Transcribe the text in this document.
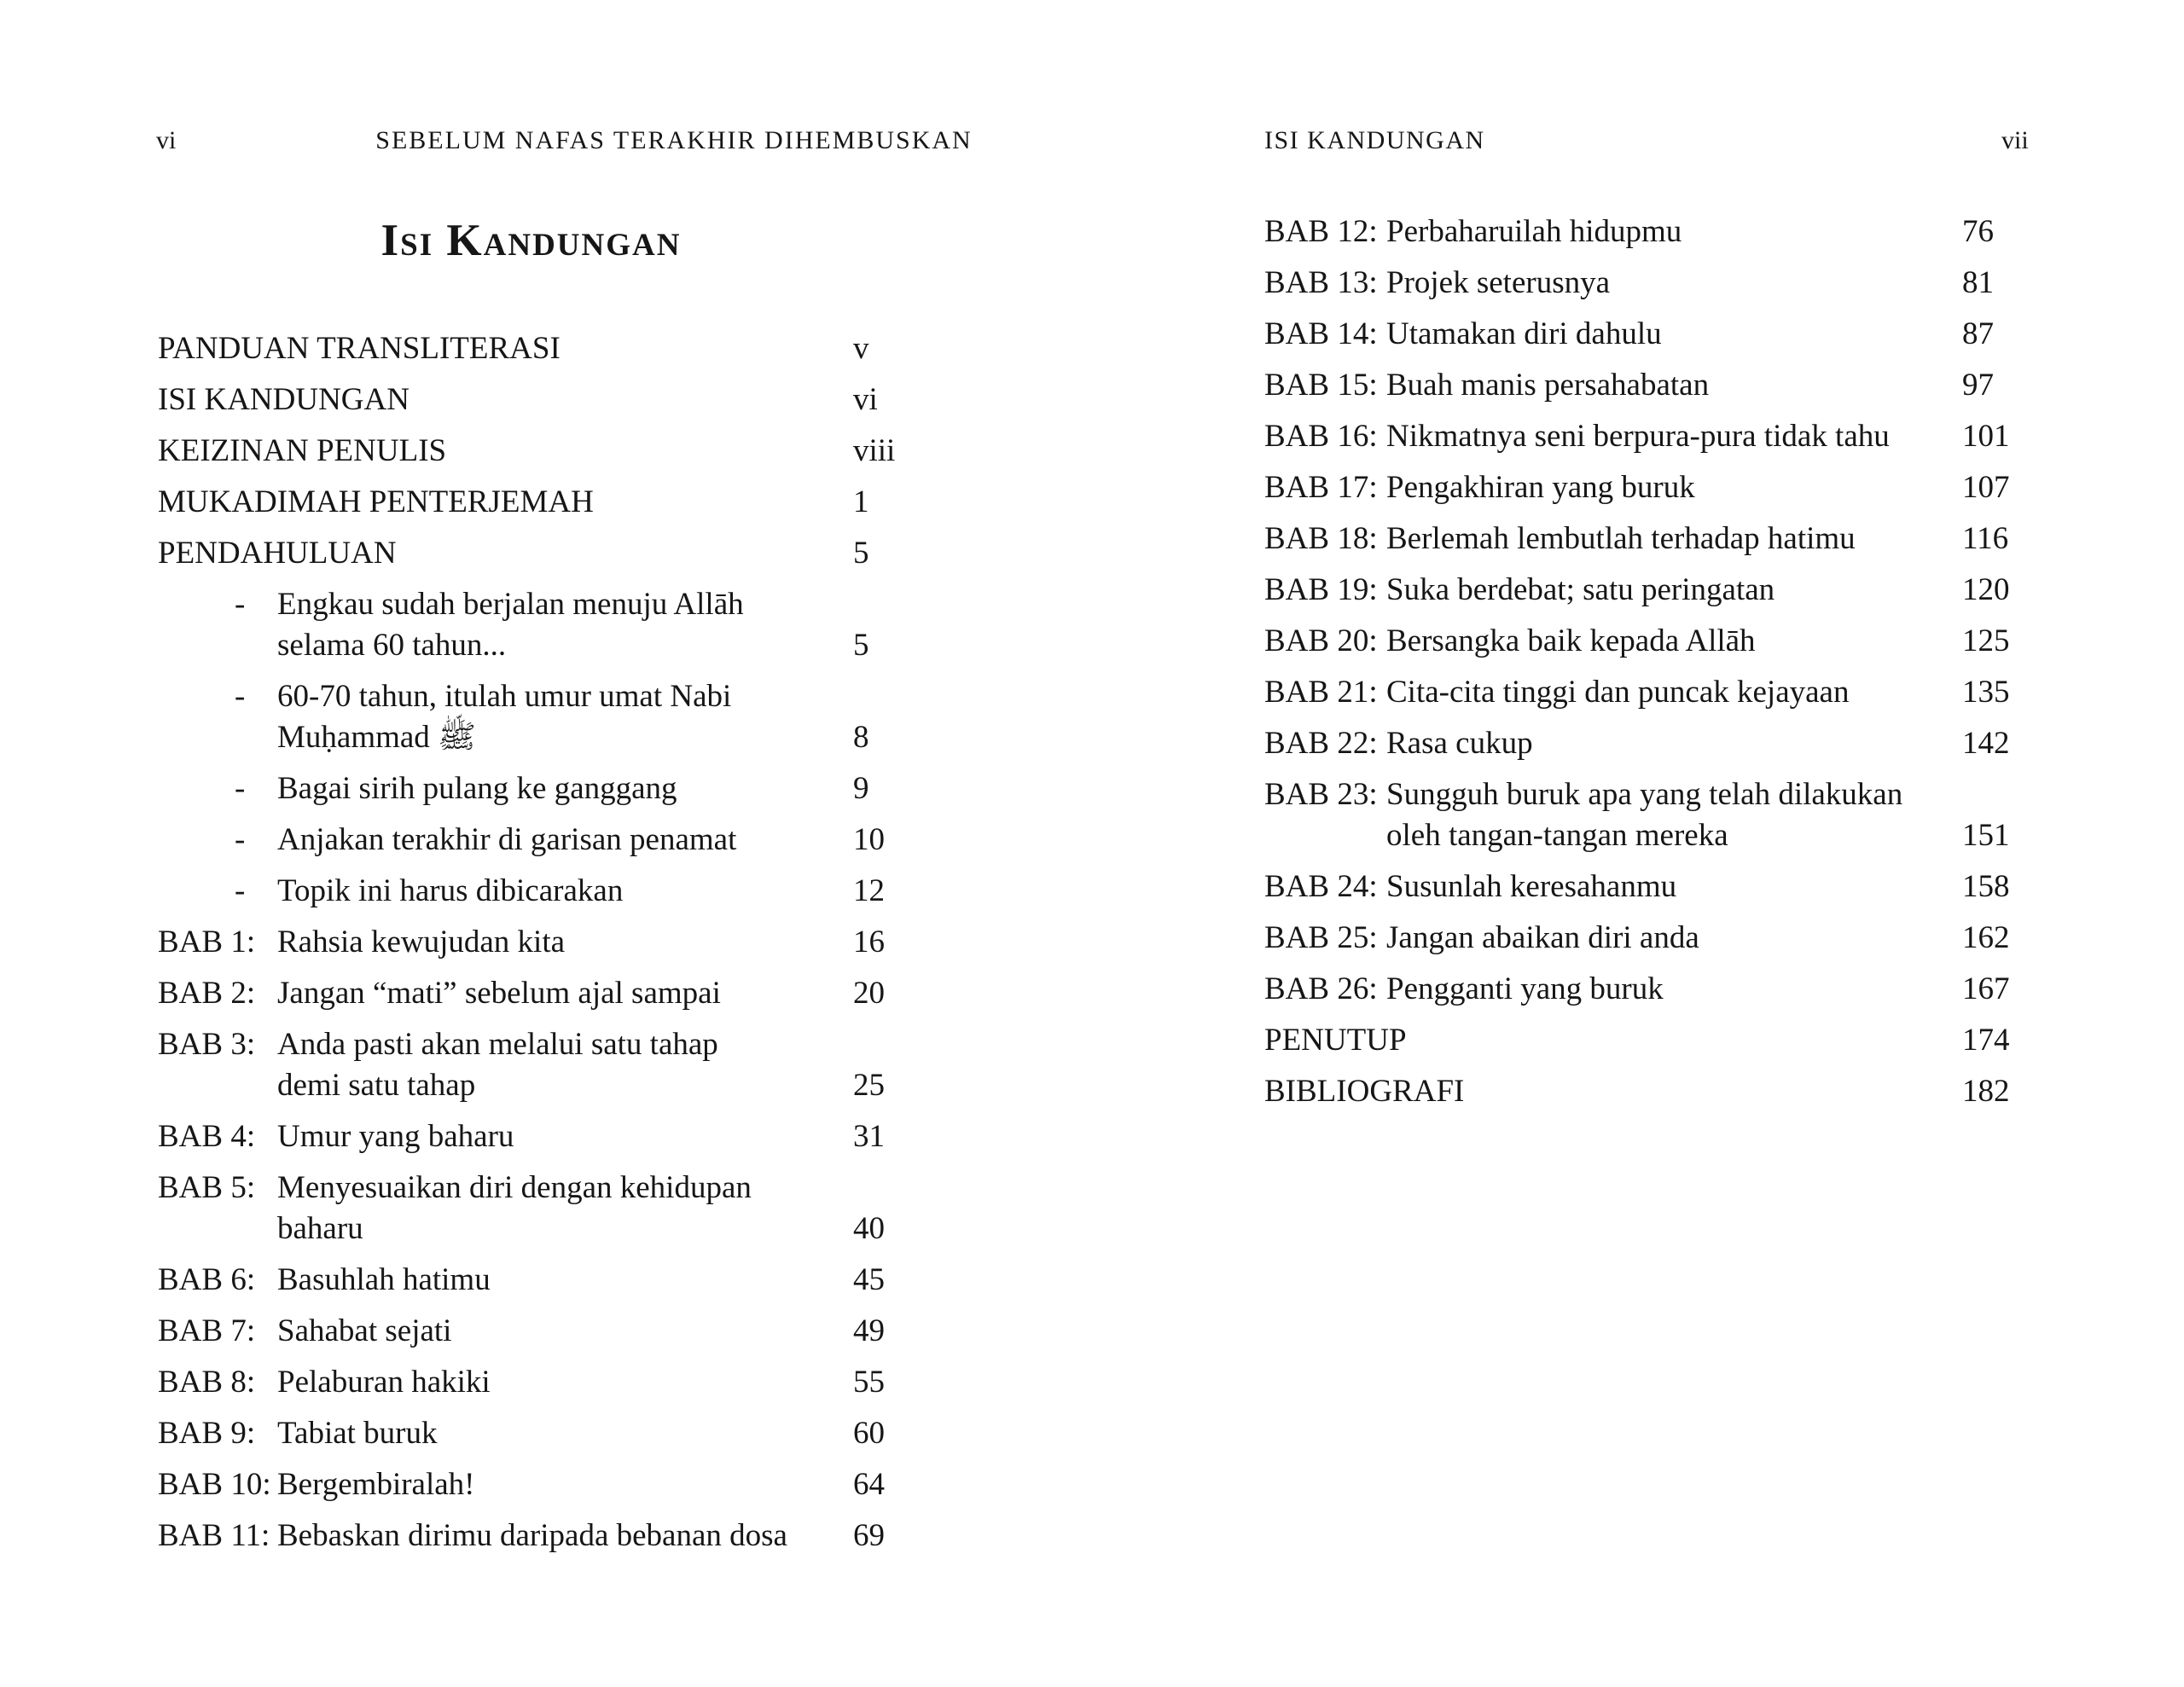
vi	SEBELUM NAFAS TERAKHIR DIHEMBUSKAN
Isi Kandungan
PANDUAN TRANSLITERASI	v
ISI KANDUNGAN	vi
KEIZINAN PENULIS	viii
MUKADIMAH PENTERJEMAH	1
PENDAHULUAN	5
-	Engkau sudah berjalan menuju Allāh
selama 60 tahun...	5
-	60-70 tahun, itulah umur umat Nabi
Muḥammad ﷺ	8
-	Bagai sirih pulang ke ganggang	9
-	Anjakan terakhir di garisan penamat	10
-	Topik ini harus dibicarakan	12
BAB 1: Rahsia kewujudan kita	16
BAB 2: Jangan “mati” sebelum ajal sampai	20
BAB 3: Anda pasti akan melalui satu tahap
demi satu tahap	25
BAB 4: Umur yang baharu	31
BAB 5: Menyesuaikan diri dengan kehidupan
baharu	40
BAB 6: Basuhlah hatimu	45
BAB 7: Sahabat sejati	49
BAB 8: Pelaburan hakiki	55
BAB 9: Tabiat buruk	60
BAB 10: Bergembiralah!	64
BAB 11: Bebaskan dirimu daripada bebanan dosa	69
ISI KANDUNGAN	vii
BAB 12: Perbaharuilah hidupmu	76
BAB 13: Projek seterusnya	81
BAB 14: Utamakan diri dahulu	87
BAB 15: Buah manis persahabatan	97
BAB 16: Nikmatnya seni berpura-pura tidak tahu	101
BAB 17: Pengakhiran yang buruk	107
BAB 18: Berlemah lembutlah terhadap hatimu	116
BAB 19: Suka berdebat; satu peringatan	120
BAB 20: Bersangka baik kepada Allāh	125
BAB 21: Cita-cita tinggi dan puncak kejayaan	135
BAB 22: Rasa cukup	142
BAB 23: Sungguh buruk apa yang telah dilakukan
oleh tangan-tangan mereka	151
BAB 24: Susunlah keresahanmu	158
BAB 25: Jangan abaikan diri anda	162
BAB 26: Pengganti yang buruk	167
PENUTUP	174
BIBLIOGRAFI	182
